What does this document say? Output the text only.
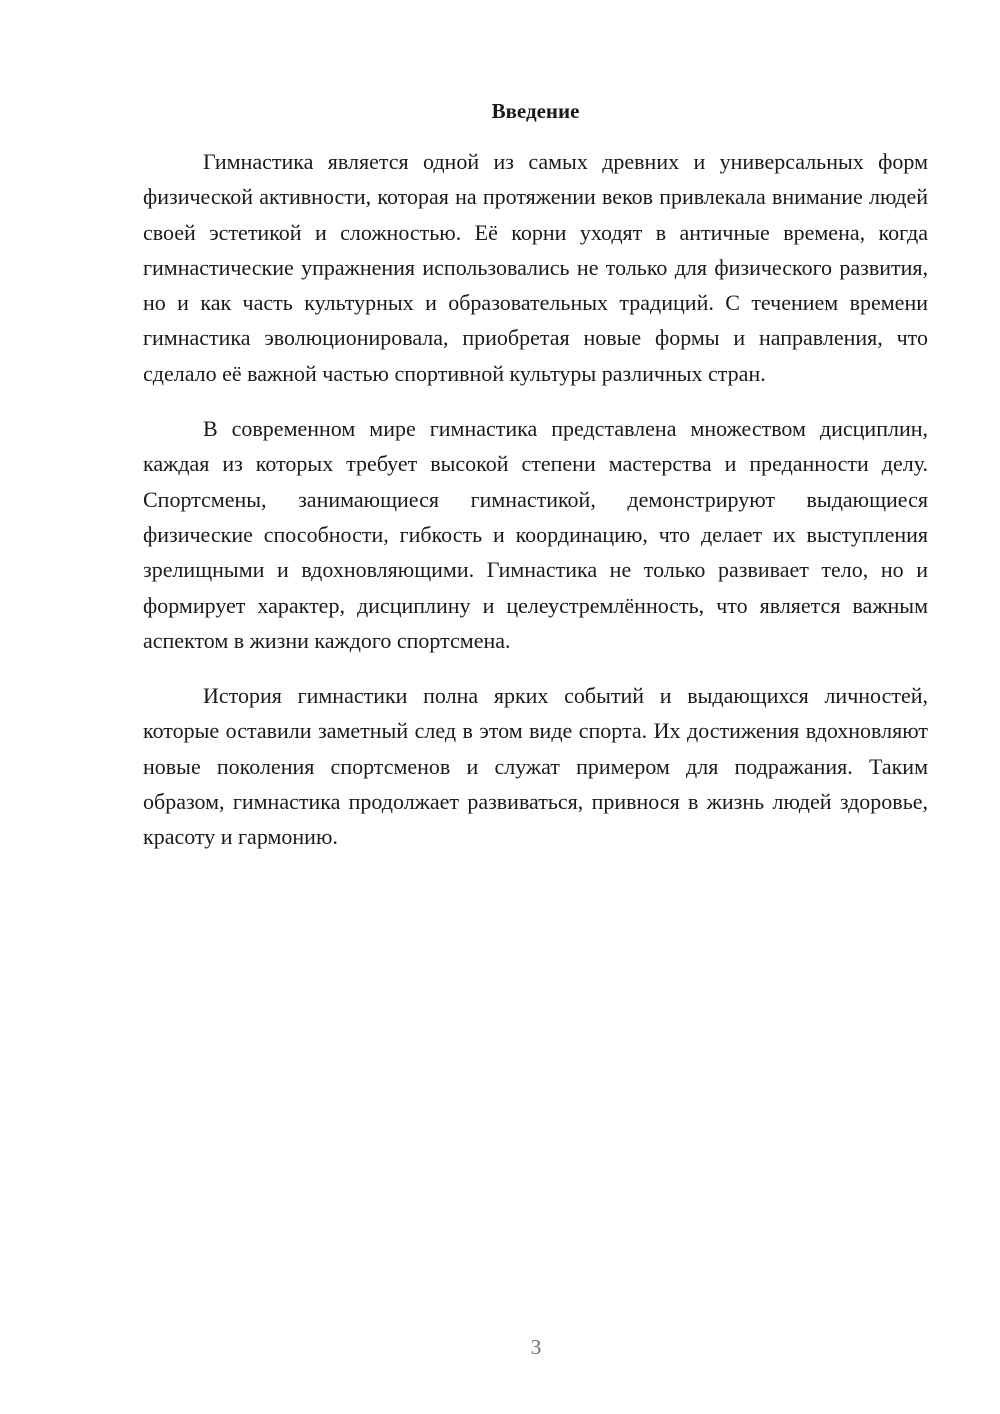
Введение

Гимнастика является одной из самых древних и универсальных форм физической активности, которая на протяжении веков привлекала внимание людей своей эстетикой и сложностью. Её корни уходят в античные времена, когда гимнастические упражнения использовались не только для физического развития, но и как часть культурных и образовательных традиций. С течением времени гимнастика эволюционировала, приобретая новые формы и направления, что сделало её важной частью спортивной культуры различных стран.

В современном мире гимнастика представлена множеством дисциплин, каждая из которых требует высокой степени мастерства и преданности делу. Спортсмены, занимающиеся гимнастикой, демонстрируют выдающиеся физические способности, гибкость и координацию, что делает их выступления зрелищными и вдохновляющими. Гимнастика не только развивает тело, но и формирует характер, дисциплину и целеустремлённость, что является важным аспектом в жизни каждого спортсмена.

История гимнастики полна ярких событий и выдающихся личностей, которые оставили заметный след в этом виде спорта. Их достижения вдохновляют новые поколения спортсменов и служат примером для подражания. Таким образом, гимнастика продолжает развиваться, привнося в жизнь людей здоровье, красоту и гармонию.

3
